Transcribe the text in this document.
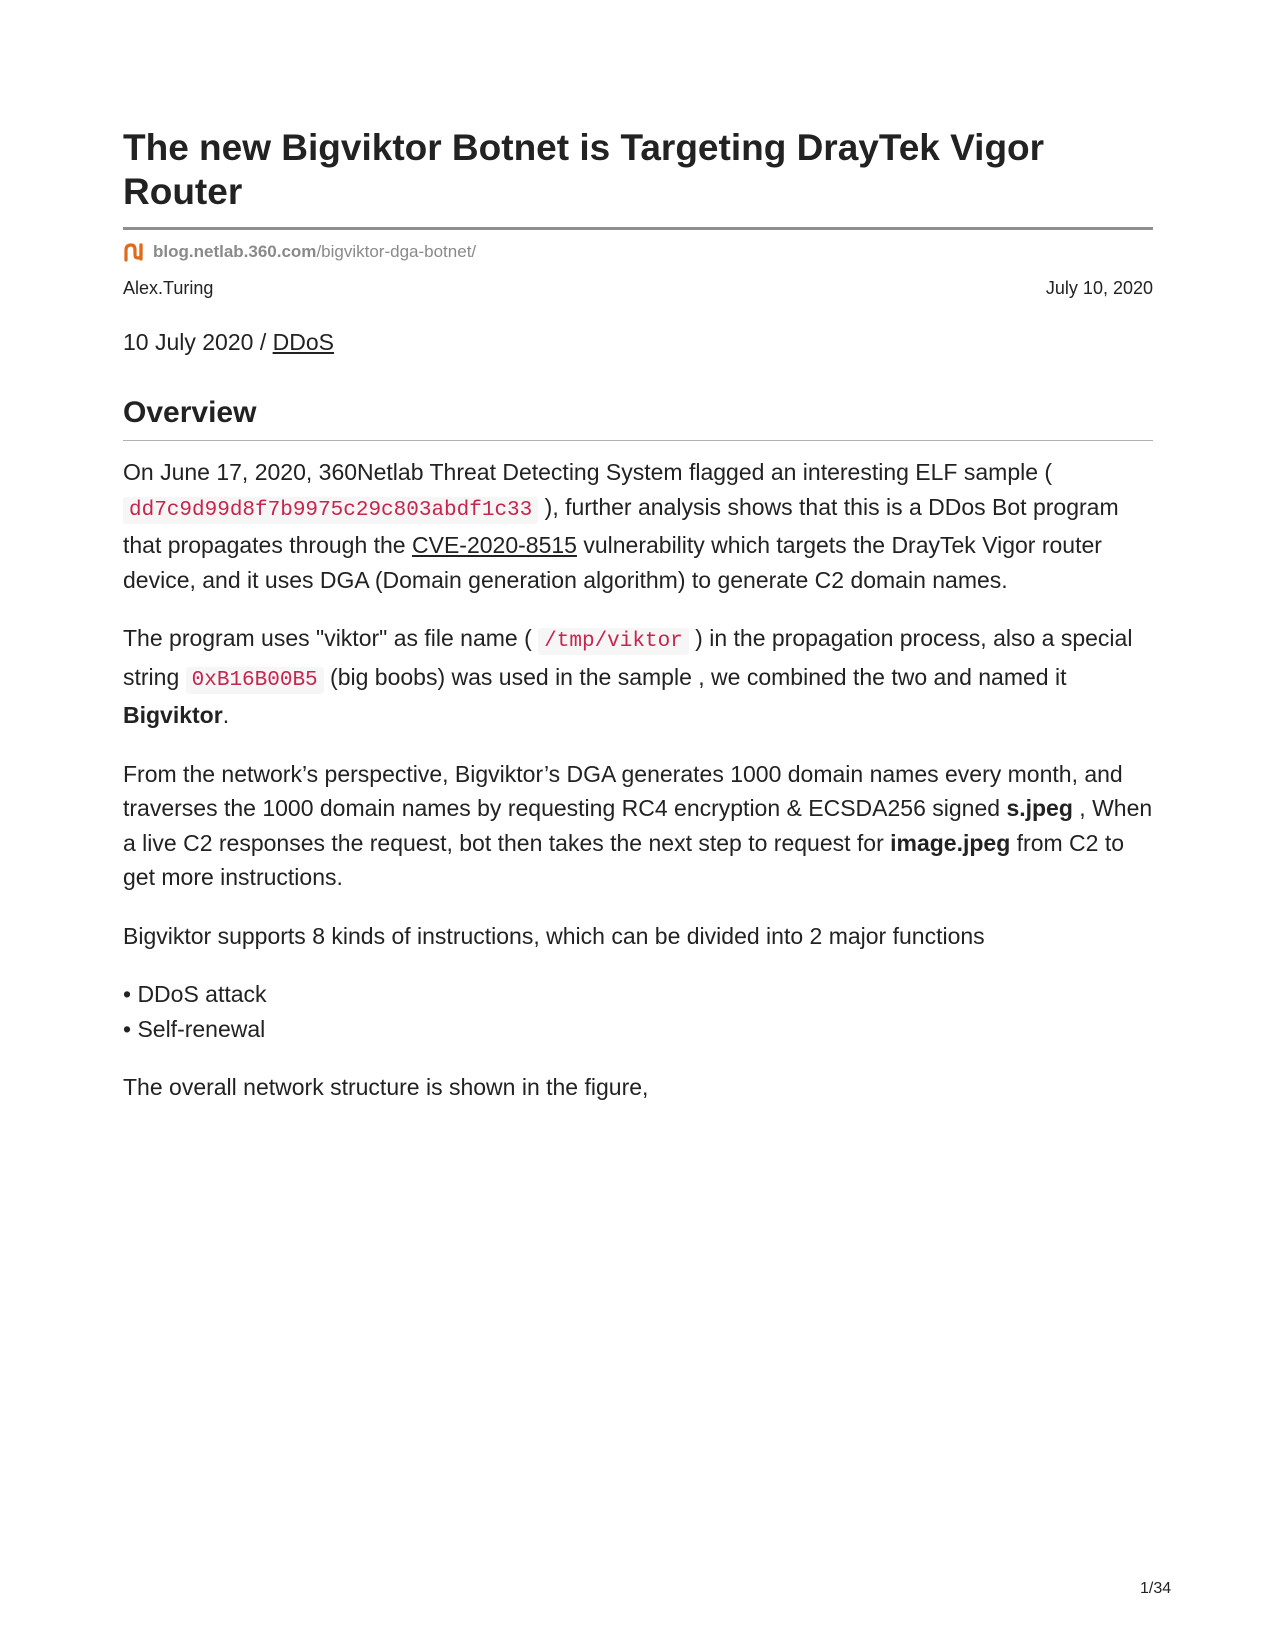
The new Bigviktor Botnet is Targeting DrayTek Vigor Router
blog.netlab.360.com /bigviktor-dga-botnet/
Alex.Turing	July 10, 2020
10 July 2020 / DDoS
Overview

On June 17, 2020, 360Netlab Threat Detecting System flagged an interesting ELF sample ( dd7c9d99d8f7b9975c29c803abdf1c33 ), further analysis shows that this is a DDos Bot program that propagates through the CVE-2020-8515 vulnerability which targets the DrayTek Vigor router device, and it uses DGA (Domain generation algorithm) to generate C2 domain names.

The program uses "viktor" as file name ( /tmp/viktor ) in the propagation process, also a special string 0xB16B00B5 (big boobs) was used in the sample , we combined the two and named it Bigviktor.

From the network’s perspective, Bigviktor’s DGA generates 1000 domain names every month, and traverses the 1000 domain names by requesting RC4 encryption & ECSDA256 signed s.jpeg , When a live C2 responses the request, bot then takes the next step to request for image.jpeg from C2 to get more instructions.

Bigviktor supports 8 kinds of instructions, which can be divided into 2 major functions

• DDoS attack
• Self-renewal

The overall network structure is shown in the figure,

1/34
